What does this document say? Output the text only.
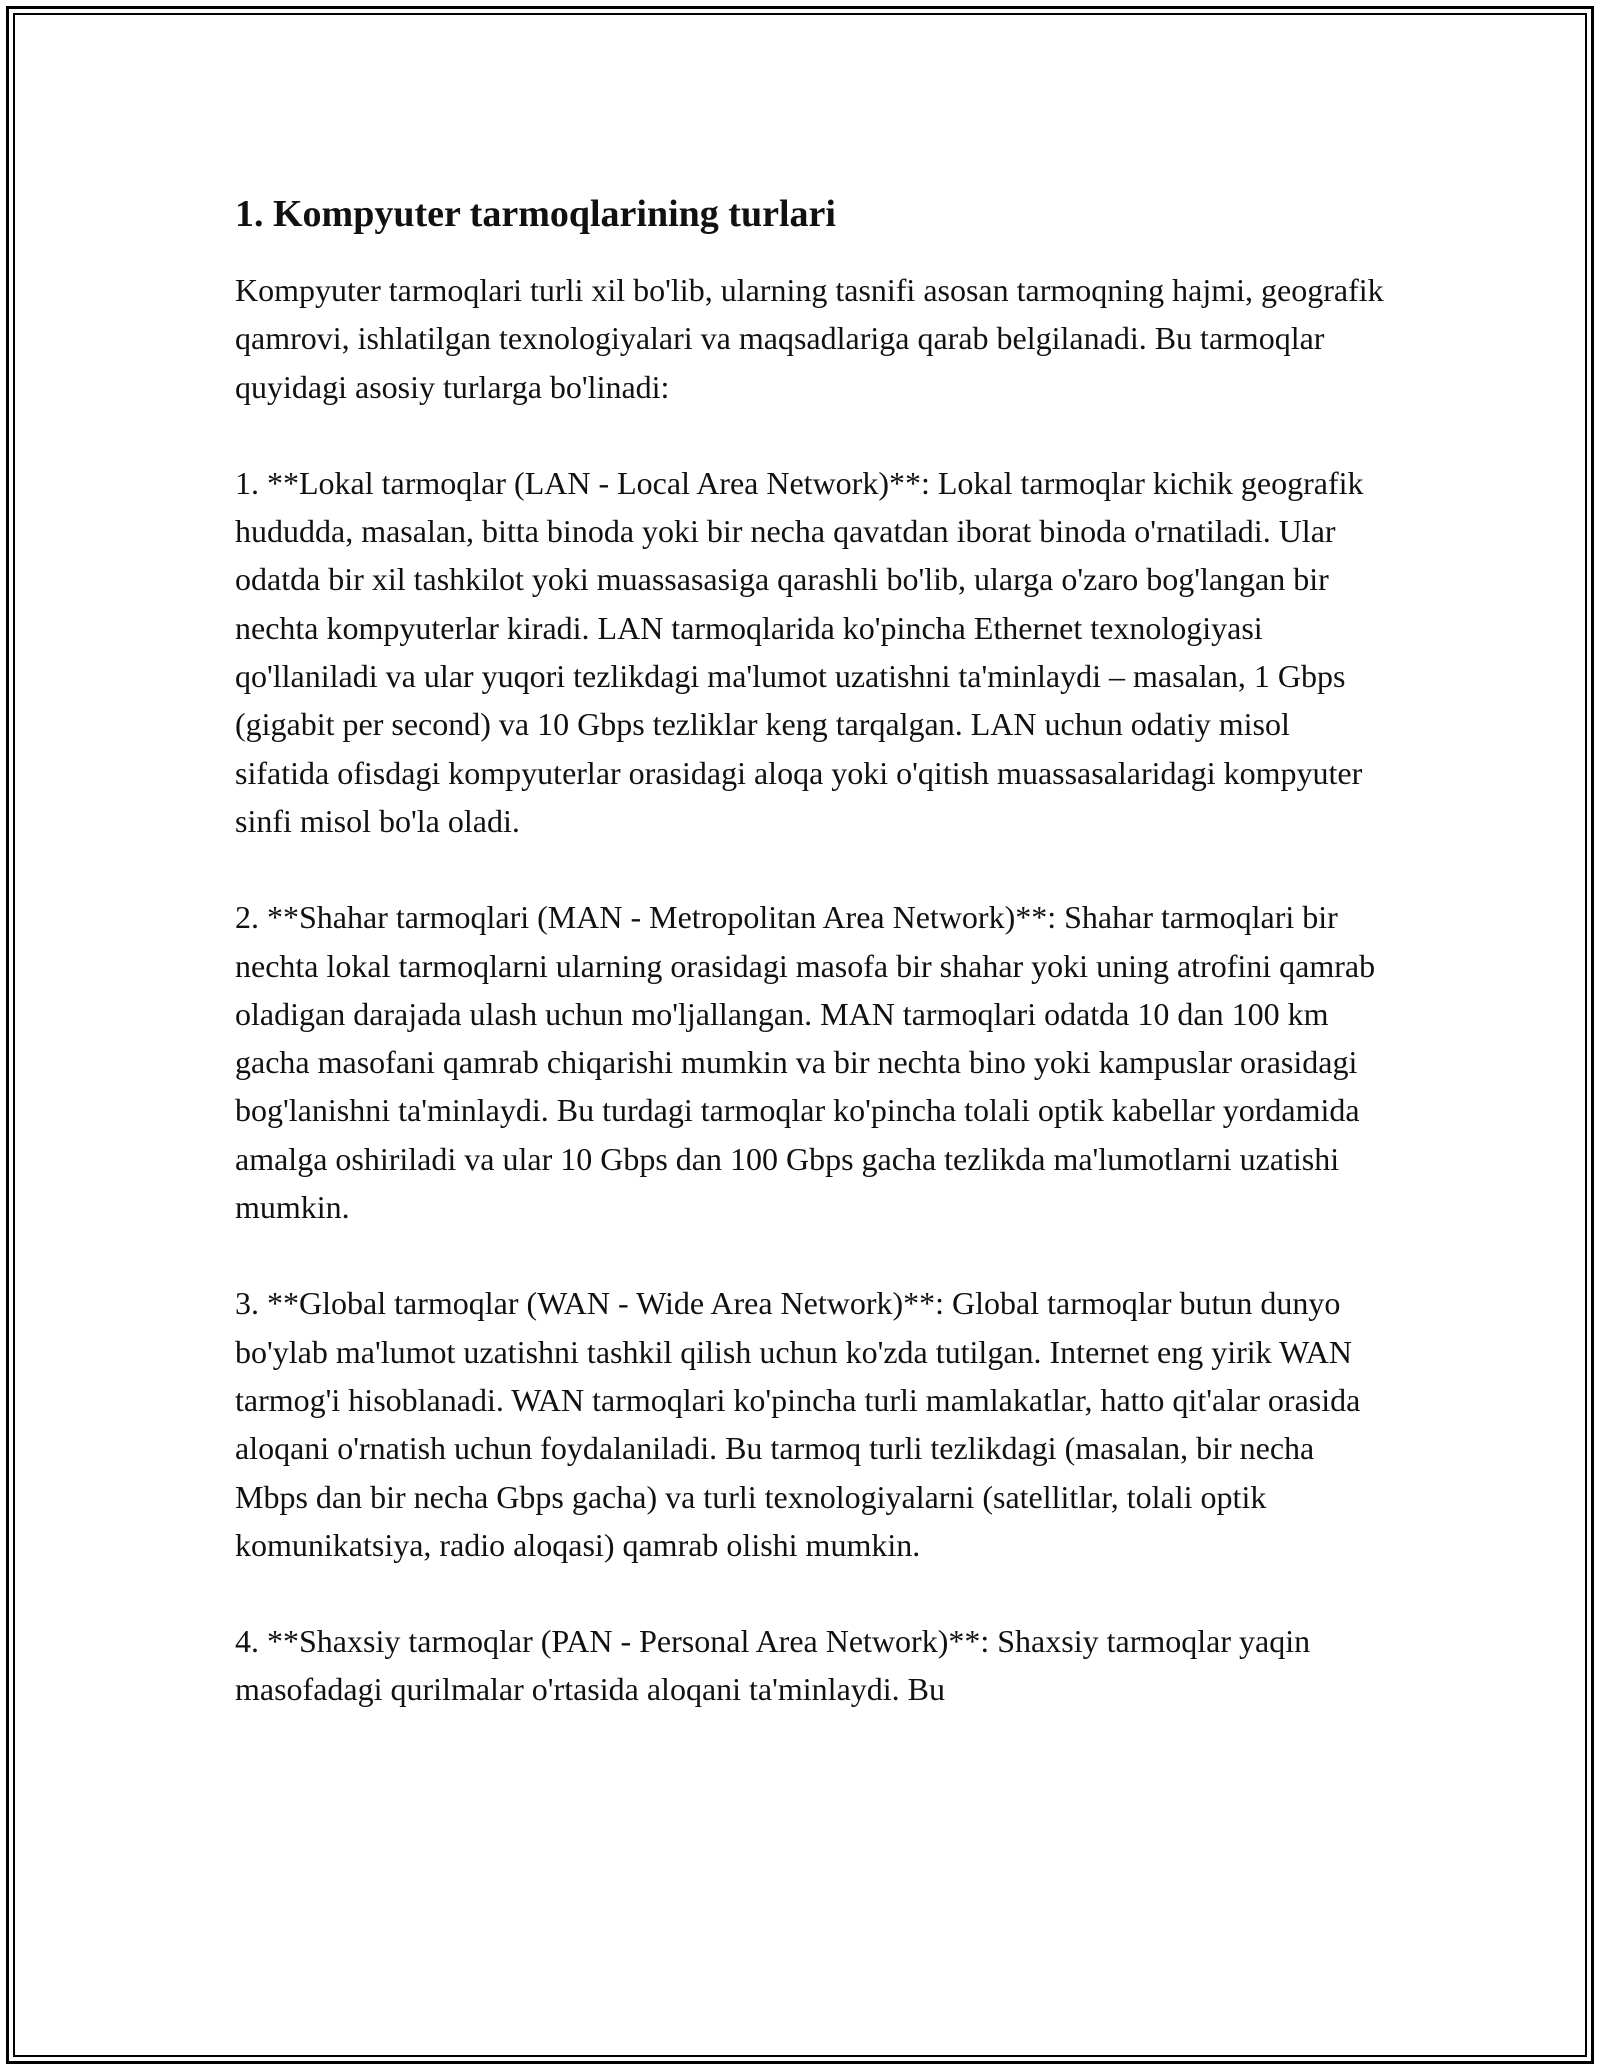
1. Kompyuter tarmoqlarining turlari

Kompyuter tarmoqlari turli xil bo'lib, ularning tasnifi asosan tarmoqning hajmi, geografik qamrovi, ishlatilgan texnologiyalari va maqsadlariga qarab belgilanadi. Bu tarmoqlar quyidagi asosiy turlarga bo'linadi:

1. **Lokal tarmoqlar (LAN - Local Area Network)**: Lokal tarmoqlar kichik geografik hududda, masalan, bitta binoda yoki bir necha qavatdan iborat binoda o'rnatiladi. Ular odatda bir xil tashkilot yoki muassasasiga qarashli bo'lib, ularga o'zaro bog'langan bir nechta kompyuterlar kiradi. LAN tarmoqlarida ko'pincha Ethernet texnologiyasi qo'llaniladi va ular yuqori tezlikdagi ma'lumot uzatishni ta'minlaydi – masalan, 1 Gbps (gigabit per second) va 10 Gbps tezliklar keng tarqalgan. LAN uchun odatiy misol sifatida ofisdagi kompyuterlar orasidagi aloqa yoki o'qitish muassasalaridagi kompyuter sinfi misol bo'la oladi.

2. **Shahar tarmoqlari (MAN - Metropolitan Area Network)**: Shahar tarmoqlari bir nechta lokal tarmoqlarni ularning orasidagi masofa bir shahar yoki uning atrofini qamrab oladigan darajada ulash uchun mo'ljallangan. MAN tarmoqlari odatda 10 dan 100 km gacha masofani qamrab chiqarishi mumkin va bir nechta bino yoki kampuslar orasidagi bog'lanishni ta'minlaydi. Bu turdagi tarmoqlar ko'pincha tolali optik kabellar yordamida amalga oshiriladi va ular 10 Gbps dan 100 Gbps gacha tezlikda ma'lumotlarni uzatishi mumkin.

3. **Global tarmoqlar (WAN - Wide Area Network)**: Global tarmoqlar butun dunyo bo'ylab ma'lumot uzatishni tashkil qilish uchun ko'zda tutilgan. Internet eng yirik WAN tarmog'i hisoblanadi. WAN tarmoqlari ko'pincha turli mamlakatlar, hatto qit'alar orasida aloqani o'rnatish uchun foydalaniladi. Bu tarmoq turli tezlikdagi (masalan, bir necha Mbps dan bir necha Gbps gacha) va turli texnologiyalarni (satellitlar, tolali optik komunikatsiya, radio aloqasi) qamrab olishi mumkin.

4. **Shaxsiy tarmoqlar (PAN - Personal Area Network)**: Shaxsiy tarmoqlar yaqin masofadagi qurilmalar o'rtasida aloqani ta'minlaydi. Bu
